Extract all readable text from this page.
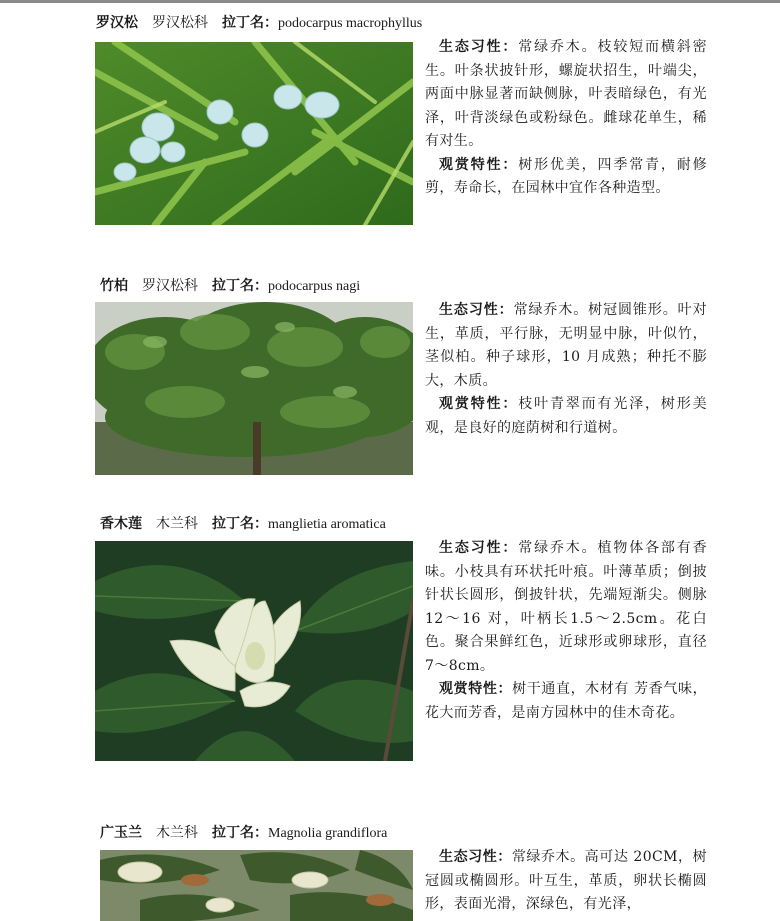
罗汉松 罗汉松科 拉丁名：podocarpus macrophyllus

生态习性：常绿乔木。枝较短而横斜密生。叶条状披针形，螺旋状招生，叶端尖，两面中脉显著而缺侧脉，叶表暗绿色，有光泽，叶背淡绿色或粉绿色。雌球花单生，稀有对生。

观赏特性：树形优美，四季常青，耐修剪，寿命长，在园林中宜作各种造型。

竹柏 罗汉松科 拉丁名：podocarpus nagi

生态习性：常绿乔木。树冠圆锥形。叶对生，革质，平行脉，无明显中脉，叶似竹，茎似柏。种子球形，10 月成熟；种托不膨大，木质。

观赏特性：枝叶青翠而有光泽，树形美观，是良好的庭荫树和行道树。

香木莲 木兰科 拉丁名：manglietia aromatica

生态习性：常绿乔木。植物体各部有香味。小枝具有环状托叶痕。叶薄革质；倒披针状长圆形，倒披针状，先端短渐尖。侧脉 12～16 对，叶柄长1.5～2.5cm。花白色。聚合果鲜红色，近球形或卵球形，直径 7～8cm。

观赏特性：树干通直，木材有 芳香气味，花大而芳香，是南方园林中的佳木奇花。

广玉兰 木兰科 拉丁名：Magnolia grandiflora

生态习性：常绿乔木。高可达 20CM，树冠圆或椭圆形。叶互生，革质，卵状长椭圆形，表面光滑，深绿色，有光泽，
